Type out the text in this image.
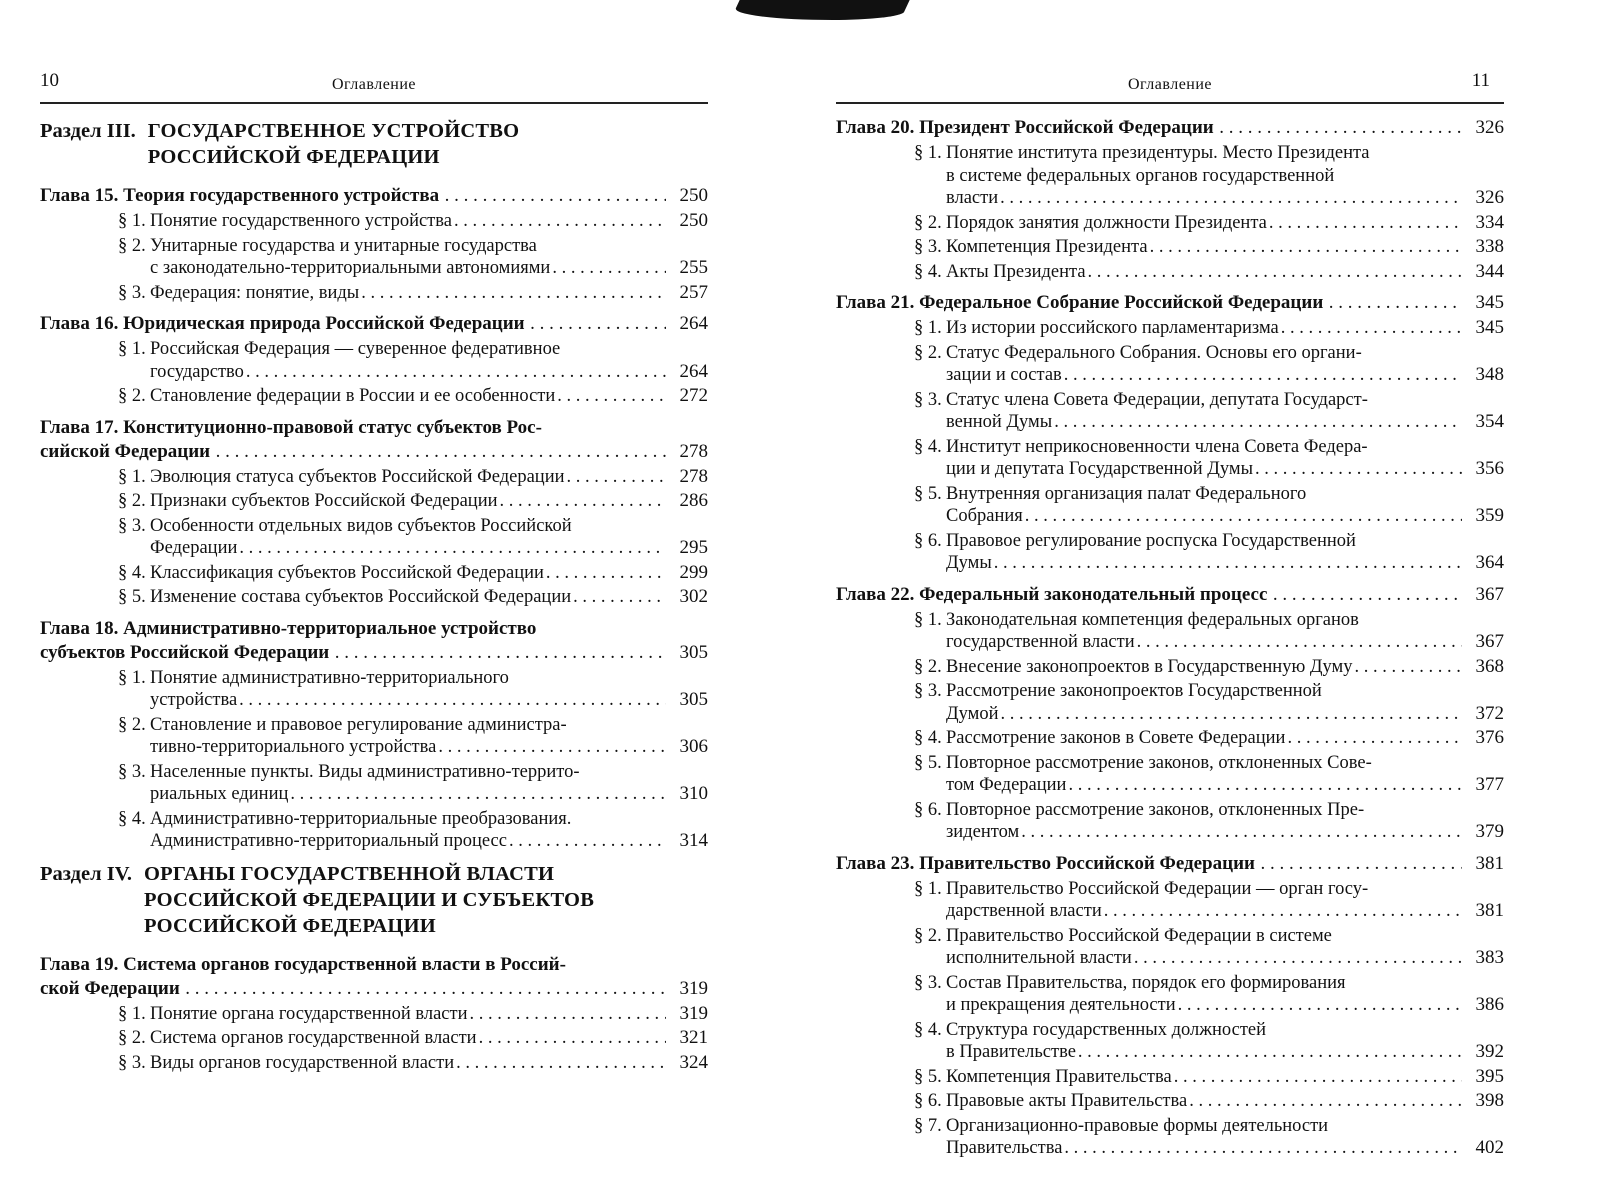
10	Оглавление
Раздел III. ГОСУДАРСТВЕННОЕ УСТРОЙСТВО
РОССИЙСКОЙ ФЕДЕРАЦИИ
Глава 15. Теория государственного устройства . . .	250
§ 1. Понятие государственного устройства . . .	250
§ 2. Унитарные государства и унитарные государства
с законодательно-территориальными автономиями . . .	255
§ 3. Федерация: понятие, виды . . .	257
Глава 16. Юридическая природа Российской Федерации . . .	264
§ 1. Российская Федерация — суверенное федеративное
государство . . .	264
§ 2. Становление федерации в России и ее особенности . . .	272
Глава 17. Конституционно-правовой статус субъектов Рос-
сийской Федерации . . .	278
§ 1. Эволюция статуса субъектов Российской Федерации . . .	278
§ 2. Признаки субъектов Российской Федерации . . .	286
§ 3. Особенности отдельных видов субъектов Российской
Федерации . . .	295
§ 4. Классификация субъектов Российской Федерации . . .	299
§ 5. Изменение состава субъектов Российской Федерации . . .	302
Глава 18. Административно-территориальное устройство
субъектов Российской Федерации . . .	305
§ 1. Понятие административно-территориального
устройства . . .	305
§ 2. Становление и правовое регулирование администра-
тивно-территориального устройства . . .	306
§ 3. Населенные пункты. Виды административно-террито-
риальных единиц . . .	310
§ 4. Административно-территориальные преобразования.
Административно-территориальный процесс . . .	314
Раздел IV. ОРГАНЫ ГОСУДАРСТВЕННОЙ ВЛАСТИ
РОССИЙСКОЙ ФЕДЕРАЦИИ И СУБЪЕКТОВ
РОССИЙСКОЙ ФЕДЕРАЦИИ
Глава 19. Система органов государственной власти в Россий-
ской Федерации . . .	319
§ 1. Понятие органа государственной власти . . .	319
§ 2. Система органов государственной власти . . .	321
§ 3. Виды органов государственной власти . . .	324
Оглавление	11
Глава 20. Президент Российской Федерации . . .	326
§ 1. Понятие института президентуры. Место Президента
в системе федеральных органов государственной
власти . . .	326
§ 2. Порядок занятия должности Президента . . .	334
§ 3. Компетенция Президента . . .	338
§ 4. Акты Президента . . .	344
Глава 21. Федеральное Собрание Российской Федерации . . .	345
§ 1. Из истории российского парламентаризма . . .	345
§ 2. Статус Федерального Собрания. Основы его органи-
зации и состав . . .	348
§ 3. Статус члена Совета Федерации, депутата Государст-
венной Думы . . .	354
§ 4. Институт неприкосновенности члена Совета Федера-
ции и депутата Государственной Думы . . .	356
§ 5. Внутренняя организация палат Федерального
Собрания . . .	359
§ 6. Правовое регулирование роспуска Государственной
Думы . . .	364
Глава 22. Федеральный законодательный процесс . . .	367
§ 1. Законодательная компетенция федеральных органов
государственной власти . . .	367
§ 2. Внесение законопроектов в Государственную Думу . . .	368
§ 3. Рассмотрение законопроектов Государственной
Думой . . .	372
§ 4. Рассмотрение законов в Совете Федерации . . .	376
§ 5. Повторное рассмотрение законов, отклоненных Сове-
том Федерации . . .	377
§ 6. Повторное рассмотрение законов, отклоненных Пре-
зидентом . . .	379
Глава 23. Правительство Российской Федерации . . .	381
§ 1. Правительство Российской Федерации — орган госу-
дарственной власти . . .	381
§ 2. Правительство Российской Федерации в системе
исполнительной власти . . .	383
§ 3. Состав Правительства, порядок его формирования
и прекращения деятельности . . .	386
§ 4. Структура государственных должностей
в Правительстве . . .	392
§ 5. Компетенция Правительства . . .	395
§ 6. Правовые акты Правительства . . .	398
§ 7. Организационно-правовые формы деятельности
Правительства . . .	402
